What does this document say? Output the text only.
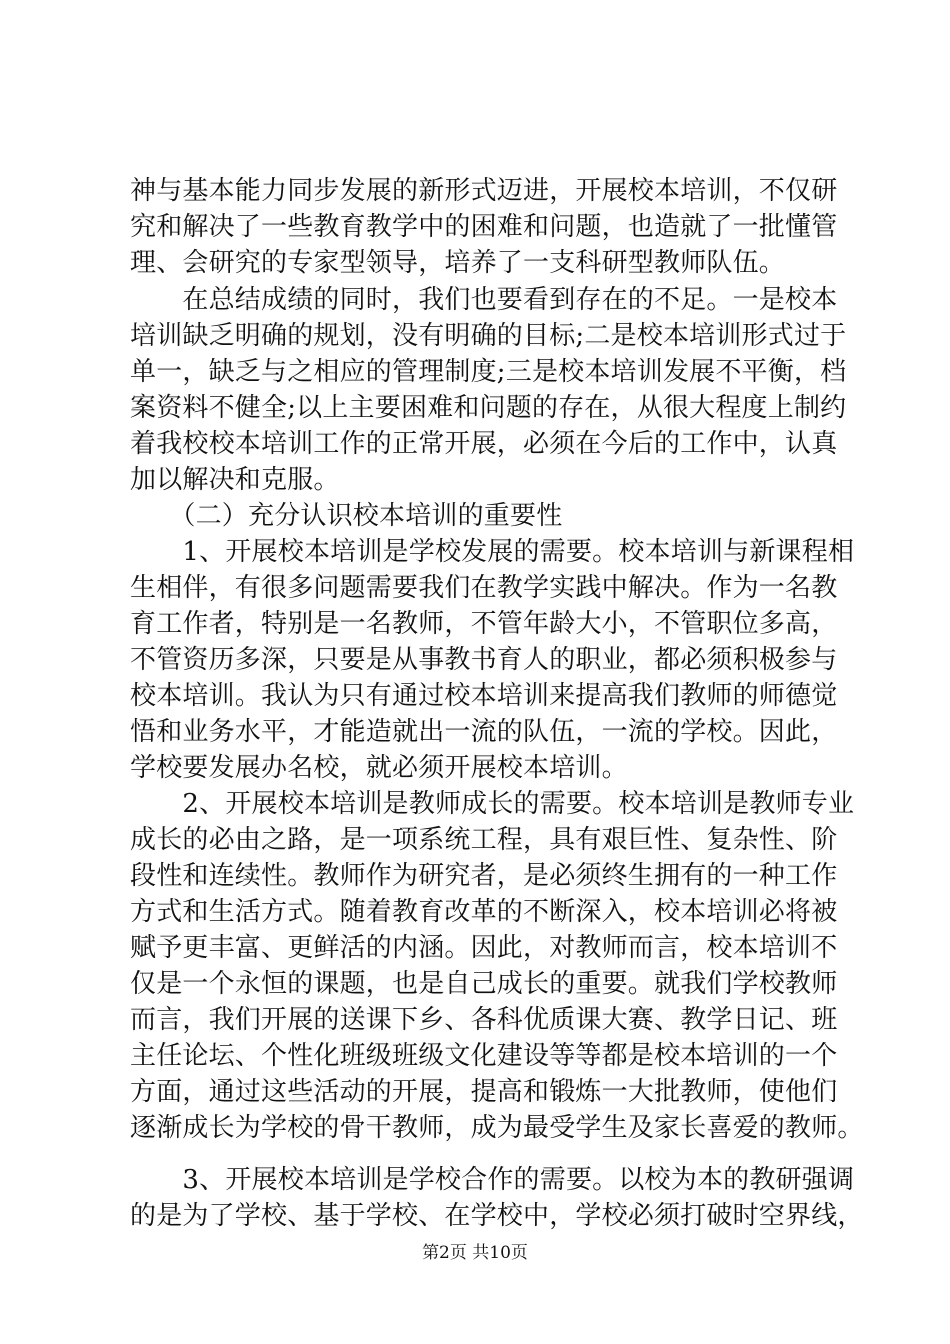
神与基本能力同步发展的新形式迈进，开展校本培训，不仅研
究和解决了一些教育教学中的困难和问题，也造就了一批懂管
理、会研究的专家型领导，培养了一支科研型教师队伍。
　　在总结成绩的同时，我们也要看到存在的不足。一是校本
培训缺乏明确的规划，没有明确的目标;二是校本培训形式过于
单一，缺乏与之相应的管理制度;三是校本培训发展不平衡，档
案资料不健全;以上主要困难和问题的存在，从很大程度上制约
着我校校本培训工作的正常开展，必须在今后的工作中，认真
加以解决和克服。
　　（二）充分认识校本培训的重要性
　　1、开展校本培训是学校发展的需要。校本培训与新课程相
生相伴，有很多问题需要我们在教学实践中解决。作为一名教
育工作者，特别是一名教师，不管年龄大小，不管职位多高，
不管资历多深，只要是从事教书育人的职业，都必须积极参与
校本培训。我认为只有通过校本培训来提高我们教师的师德觉
悟和业务水平，才能造就出一流的队伍，一流的学校。因此，
学校要发展办名校，就必须开展校本培训。
　　2、开展校本培训是教师成长的需要。校本培训是教师专业
成长的必由之路，是一项系统工程，具有艰巨性、复杂性、阶
段性和连续性。教师作为研究者，是必须终生拥有的一种工作
方式和生活方式。随着教育改革的不断深入，校本培训必将被
赋予更丰富、更鲜活的内涵。因此，对教师而言，校本培训不
仅是一个永恒的课题，也是自己成长的重要。就我们学校教师
而言，我们开展的送课下乡、各科优质课大赛、教学日记、班
主任论坛、个性化班级班级文化建设等等都是校本培训的一个
方面，通过这些活动的开展，提高和锻炼一大批教师，使他们
逐渐成长为学校的骨干教师，成为最受学生及家长喜爱的教师。
　　3、开展校本培训是学校合作的需要。以校为本的教研强调
的是为了学校、基于学校、在学校中，学校必须打破时空界线，
第2页 共10页
